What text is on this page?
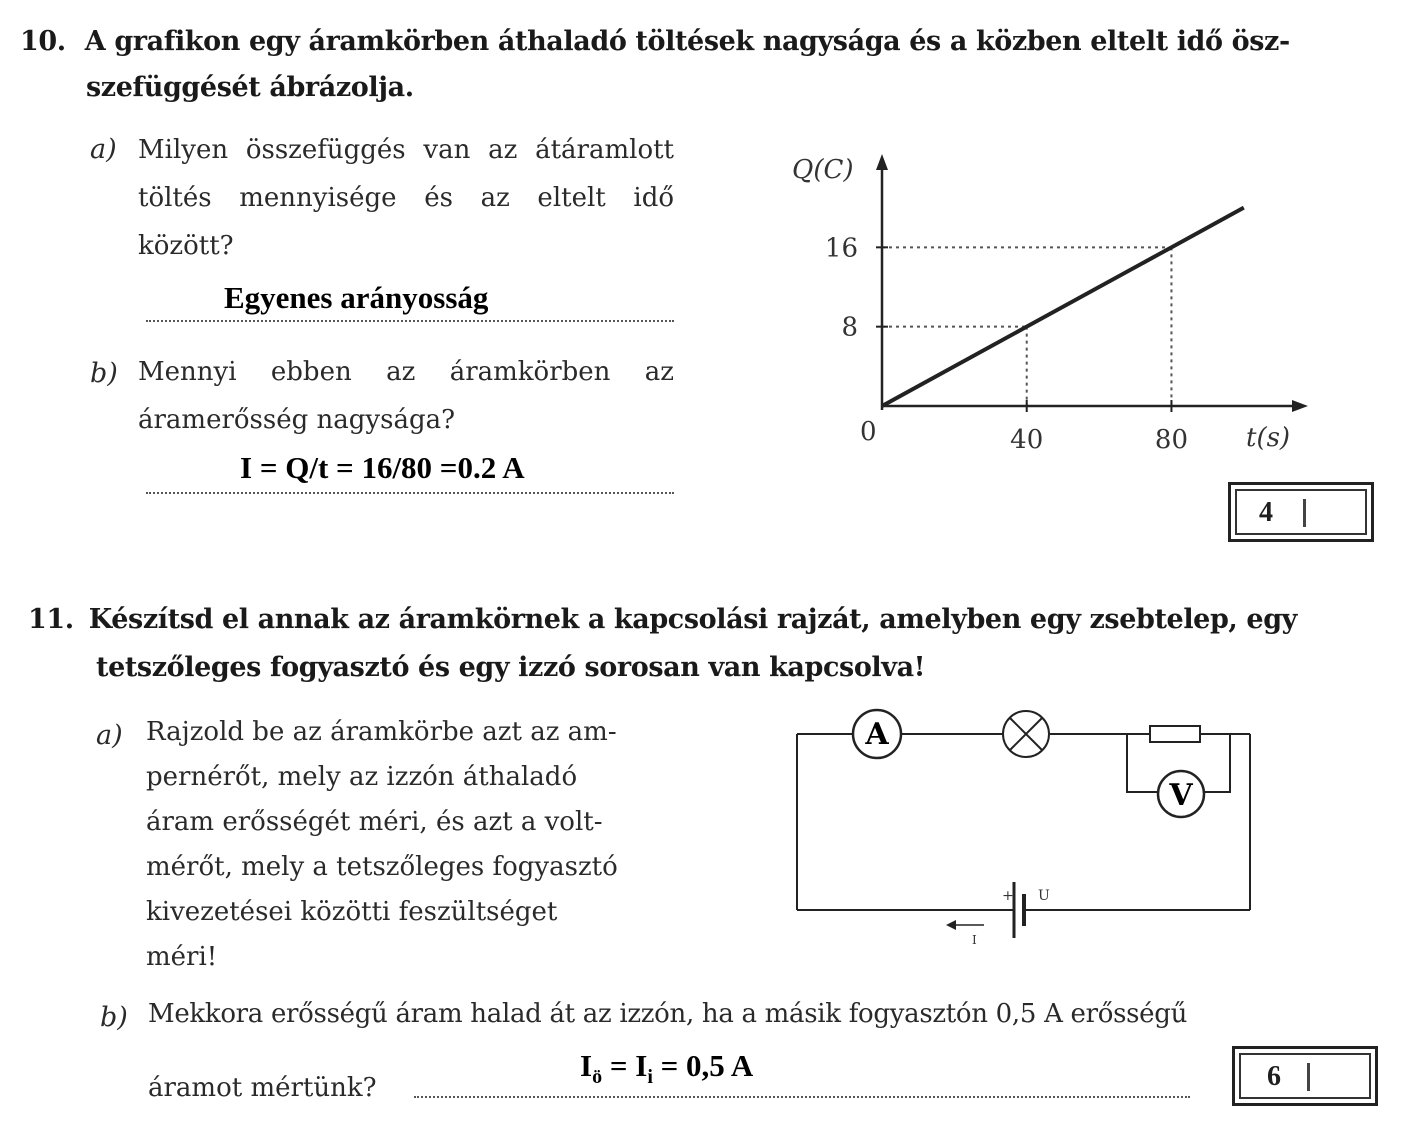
10. A grafikon egy áramkörben áthaladó töltések nagysága és a közben eltelt idő ösz-
szefüggését ábrázolja.
a) Milyen összefüggés van az átáramlott töltés mennyisége és az eltelt idő között?
Egyenes arányosság
b) Mennyi ebben az áramkörben az áramerősség nagysága?
I = Q/t = 16/80 =0.2 A
Q(C)
t(s)
0	40	80
8
16
4
11. Készítsd el annak az áramkörnek a kapcsolási rajzát, amelyben egy zsebtelep, egy
tetszőleges fogyasztó és egy izzó sorosan van kapcsolva!
a) Rajzold be az áramkörbe azt az am-
pernérőt, mely az izzón áthaladó
áram erősségét méri, és azt a volt-
mérőt, mely a tetszőleges fogyasztó
kivezetései közötti feszültséget
méri!
A
V
+ U
I
b) Mekkora erősségű áram halad át az izzón, ha a másik fogyasztón 0,5 A erősségű
áramot mértünk?
$I_ö = I_i = 0,5$ A	6
